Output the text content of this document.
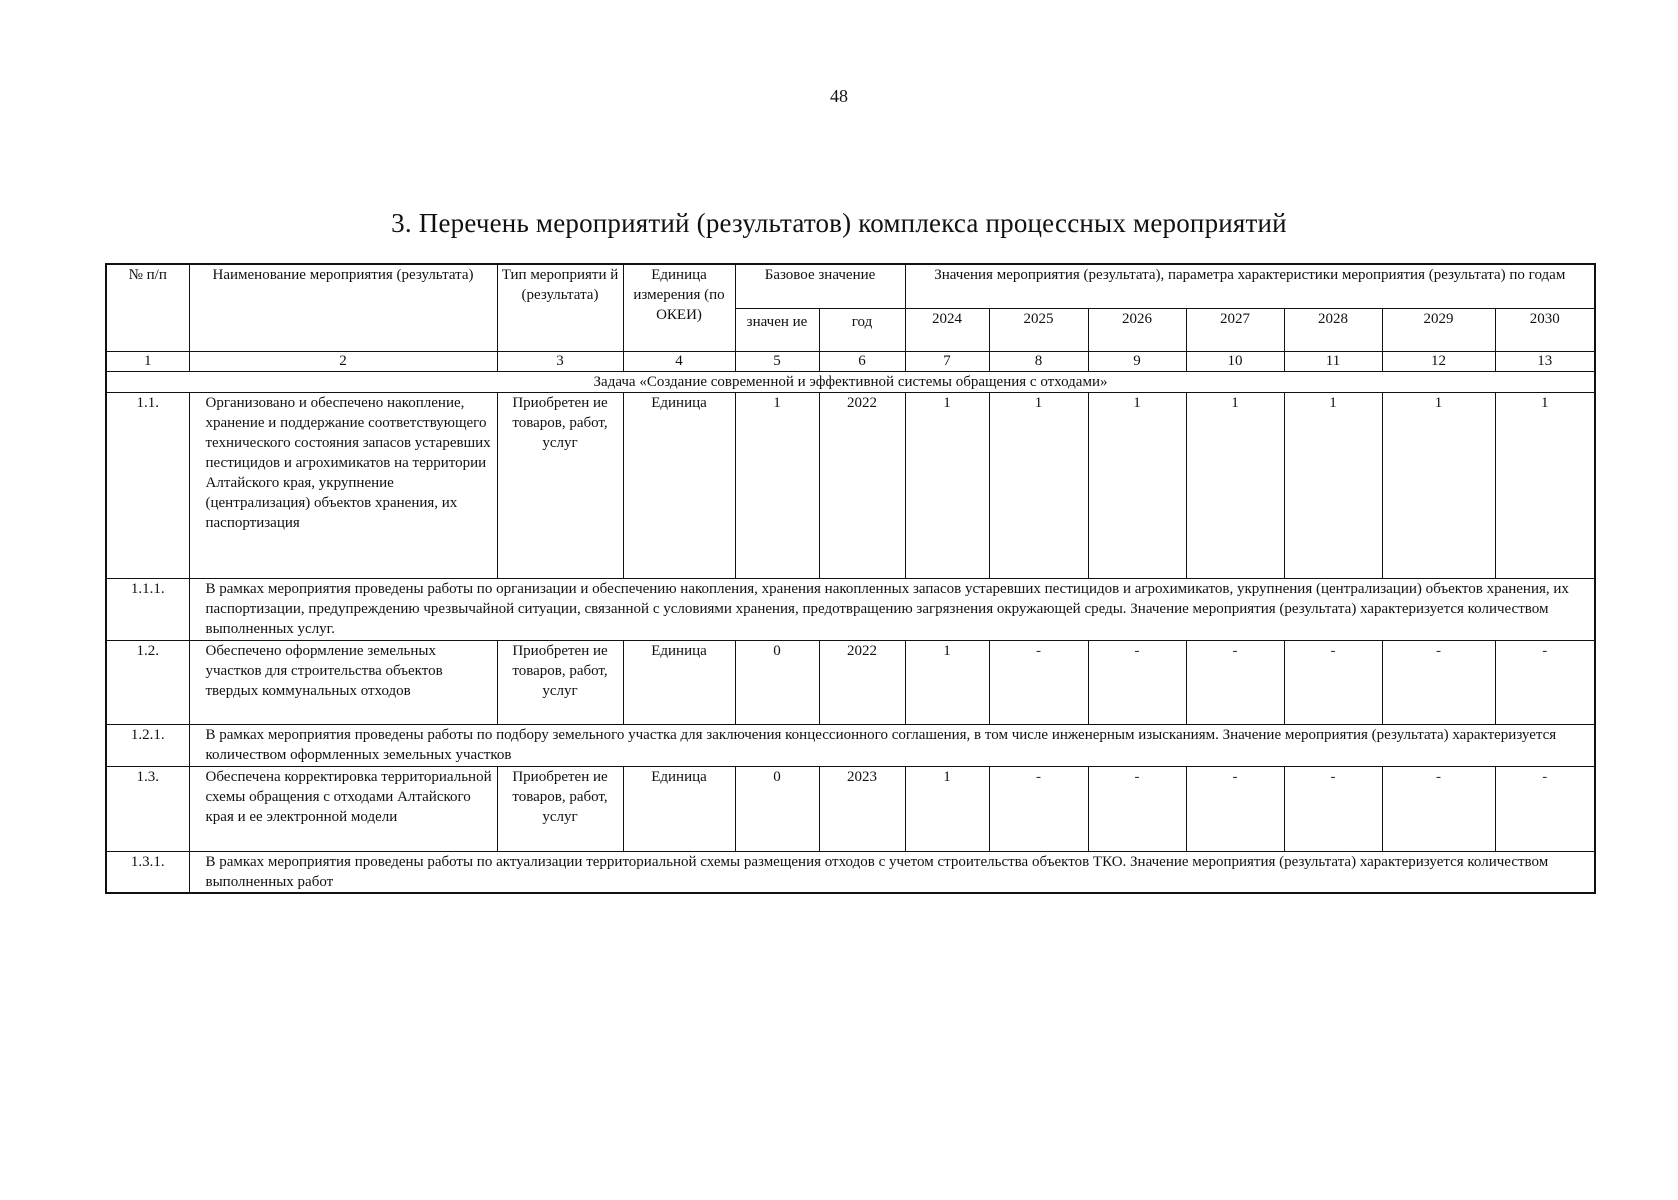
48
3. Перечень мероприятий (результатов) комплекса процессных мероприятий
№ п/п	Наименование мероприятия (результата)	Тип мероприяти й (результата)	Единица измерения (по ОКЕИ)	Базовое значение		Значения мероприятия (результата), параметра характеристики мероприятия (результата) по годам						
				значен ие	год	2024	2025	2026	2027	2028	2029	2030
1	2	3	4	5	6	7	8	9	10	11	12	13
Задача «Создание современной и эффективной системы обращения с отходами»												
1.1.	Организовано и обеспечено накопление, хранение и поддержание соответствующего технического состояния запасов устаревших пестицидов и агрохимикатов на территории Алтайского края, укрупнение (централизация) объектов хранения, их паспортизация	Приобретен ие товаров, работ, услуг	Единица	1	2022	1	1	1	1	1	1	1
1.1.1.	В рамках мероприятия проведены работы по организации и обеспечению накопления, хранения накопленных запасов устаревших пестицидов и агрохимикатов, укрупнения (централизации) объектов хранения, их паспортизации, предупреждению чрезвычайной ситуации, связанной с условиями хранения, предотвращению загрязнения окружающей среды. Значение мероприятия (результата) характеризуется количеством выполненных услуг.											
1.2.	Обеспечено оформление земельных участков для строительства объектов твердых коммунальных отходов	Приобретен ие товаров, работ, услуг	Единица	0	2022	1	-	-	-	-	-	-
1.2.1.	В рамках мероприятия проведены работы по подбору земельного участка для заключения концессионного соглашения, в том числе инженерным изысканиям. Значение мероприятия (результата) характеризуется количеством оформленных земельных участков											
1.3.	Обеспечена корректировка территориальной схемы обращения с отходами Алтайского края и ее электронной модели	Приобретен ие товаров, работ, услуг	Единица	0	2023	1	-	-	-	-	-	-
1.3.1.	В рамках мероприятия проведены работы по актуализации территориальной схемы размещения отходов с учетом строительства объектов ТКО. Значение мероприятия (результата) характеризуется количеством выполненных работ											
